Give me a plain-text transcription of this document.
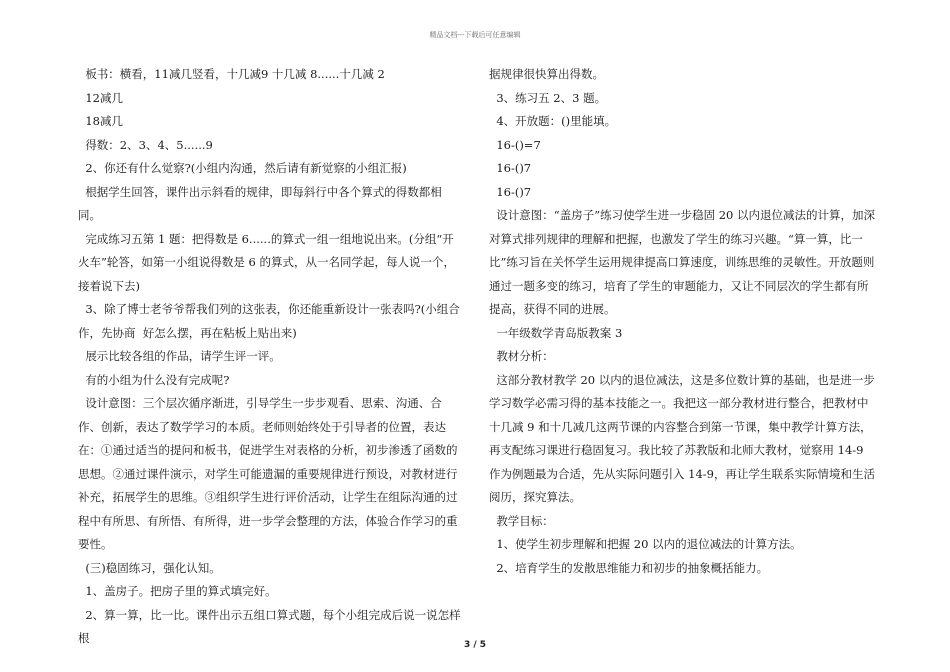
精品文档---下载后可任意编辑

板书：横看，11减几竖看，十几减9 十几减 8......十几减 2

12减几

18减几

得数：2、3、4、5......9

2、你还有什么觉察?(小组内沟通，然后请有新觉察的小组汇报)

根据学生回答，课件出示斜看的规律，即每斜行中各个算式的得数都相同。

完成练习五第 1 题：把得数是 6......的算式一组一组地说出来。(分组“开火车”轮答，如第一小组说得数是 6 的算式，从一名同学起，每人说一个，接着说下去)

3、除了博士老爷爷帮我们列的这张表，你还能重新设计一张表吗?(小组合作，先协商  好怎么摆，再在粘板上贴出来)

展示比较各组的作品，请学生评一评。

有的小组为什么没有完成呢?

设计意图：三个层次循序渐进，引导学生一步步观看、思索、沟通、合作、创新，表达了数学学习的本质。老师则始终处于引导者的位置，表达在：①通过适当的提问和板书，促进学生对表格的分析，初步渗透了函数的思想。②通过课件演示，对学生可能遗漏的重要规律进行预设，对教材进行补充，拓展学生的思维。③组织学生进行评价活动，让学生在组际沟通的过程中有所思、有所悟、有所得，进一步学会整理的方法，体验合作学习的重要性。

(三)稳固练习，强化认知。

1、盖房子。把房子里的算式填完好。

2、算一算，比一比。课件出示五组口算式题，每个小组完成后说一说怎样根

据规律很快算出得数。

3、练习五 2、3 题。

4、开放题：()里能填。

16-()=7

16-()7

16-()7

设计意图：“盖房子”练习使学生进一步稳固 20 以内退位减法的计算，加深对算式排列规律的理解和把握，也激发了学生的练习兴趣。“算一算，比一比”练习旨在关怀学生运用规律提高口算速度，训练思维的灵敏性。开放题则通过一题多变的练习，培育了学生的审题能力，又让不同层次的学生都有所提高，获得不同的进展。

一年级数学青岛版教案 3

教材分析：

这部分教材教学 20 以内的退位减法，这是多位数计算的基础，也是进一步学习数学必需习得的基本技能之一。我把这一部分教材进行整合，把教材中十几减 9 和十几减几这两节课的内容整合到第一节课，集中教学计算方法，再支配练习课进行稳固复习。我比较了苏教版和北师大教材，觉察用 14-9 作为例题最为合适，先从实际问题引入 14-9，再让学生联系实际情境和生活阅历，探究算法。

教学目标：

1、使学生初步理解和把握 20 以内的退位减法的计算方法。

2、培育学生的发散思维能力和初步的抽象概括能力。

3 / 5
